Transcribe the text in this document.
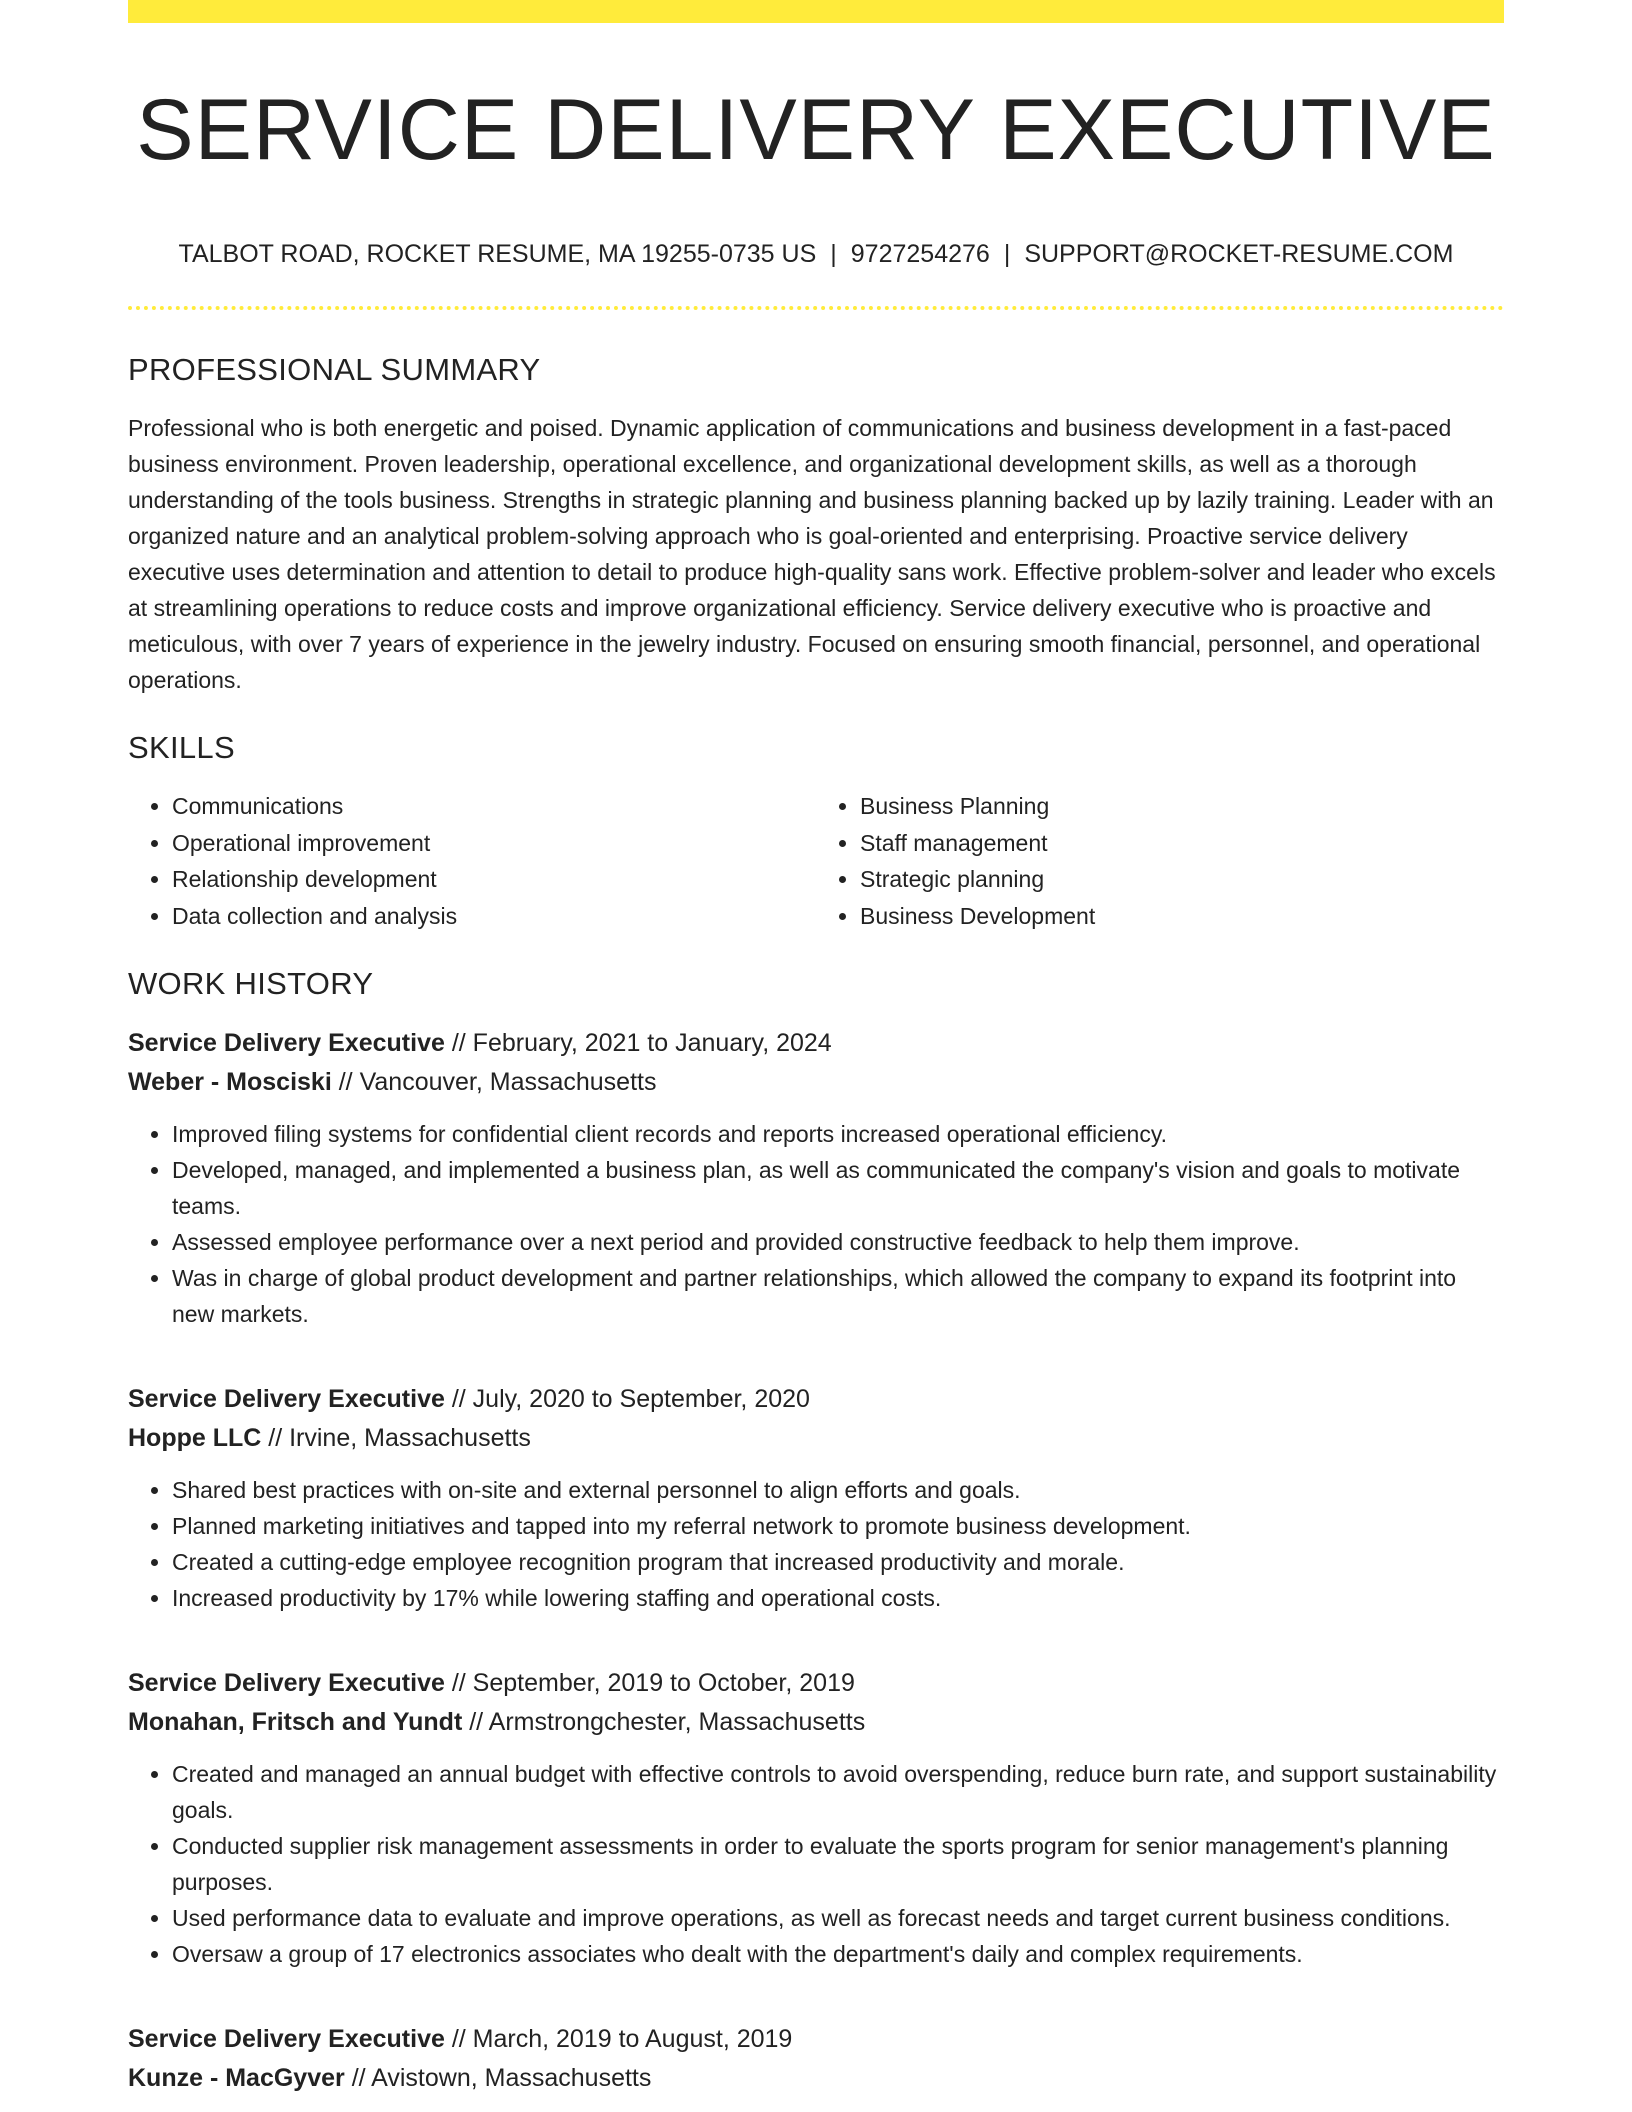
SERVICE DELIVERY EXECUTIVE
TALBOT ROAD, ROCKET RESUME, MA 19255-0735 US | 9727254276 | SUPPORT@ROCKET-RESUME.COM
PROFESSIONAL SUMMARY

Professional who is both energetic and poised. Dynamic application of communications and business development in a fast-paced business environment. Proven leadership, operational excellence, and organizational development skills, as well as a thorough understanding of the tools business. Strengths in strategic planning and business planning backed up by lazily training. Leader with an organized nature and an analytical problem-solving approach who is goal-oriented and enterprising. Proactive service delivery executive uses determination and attention to detail to produce high-quality sans work. Effective problem-solver and leader who excels at streamlining operations to reduce costs and improve organizational efficiency. Service delivery executive who is proactive and meticulous, with over 7 years of experience in the jewelry industry. Focused on ensuring smooth financial, personnel, and operational operations.

SKILLS
• Communications
• Operational improvement
• Relationship development
• Data collection and analysis
• Business Planning
• Staff management
• Strategic planning
• Business Development
WORK HISTORY
Service Delivery Executive // February, 2021 to January, 2024
Weber - Mosciski // Vancouver, Massachusetts
• Improved filing systems for confidential client records and reports increased operational efficiency.
• Developed, managed, and implemented a business plan, as well as communicated the company's vision and goals to motivate teams.
• Assessed employee performance over a next period and provided constructive feedback to help them improve.
• Was in charge of global product development and partner relationships, which allowed the company to expand its footprint into new markets.
Service Delivery Executive // July, 2020 to September, 2020
Hoppe LLC // Irvine, Massachusetts
• Shared best practices with on-site and external personnel to align efforts and goals.
• Planned marketing initiatives and tapped into my referral network to promote business development.
• Created a cutting-edge employee recognition program that increased productivity and morale.
• Increased productivity by 17% while lowering staffing and operational costs.
Service Delivery Executive // September, 2019 to October, 2019
Monahan, Fritsch and Yundt // Armstrongchester, Massachusetts
• Created and managed an annual budget with effective controls to avoid overspending, reduce burn rate, and support sustainability goals.
• Conducted supplier risk management assessments in order to evaluate the sports program for senior management's planning purposes.
• Used performance data to evaluate and improve operations, as well as forecast needs and target current business conditions.
• Oversaw a group of 17 electronics associates who dealt with the department's daily and complex requirements.
Service Delivery Executive // March, 2019 to August, 2019
Kunze - MacGyver // Avistown, Massachusetts
